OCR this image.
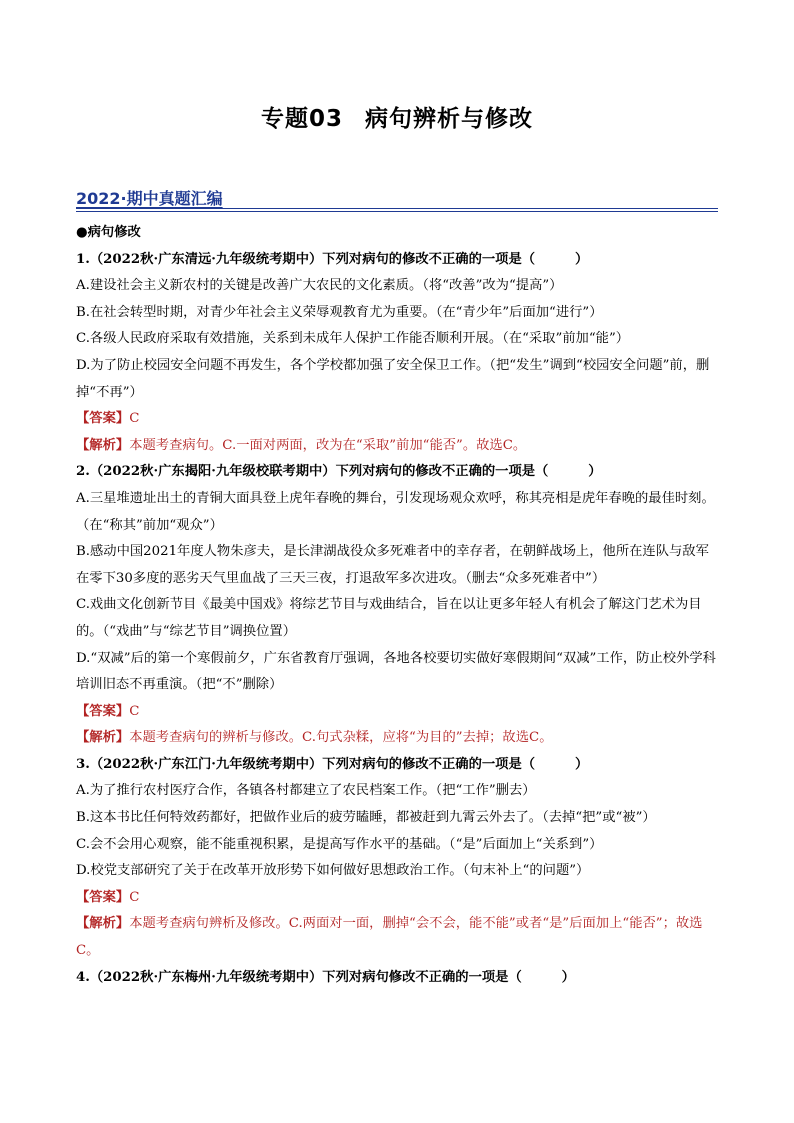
专题03 病句辨析与修改
2022·期中真题汇编

●病句修改

1.（2022秋·广东清远·九年级统考期中）下列对病句的修改不正确的一项是（　　　）

A.建设社会主义新农村的关键是改善广大农民的文化素质。（将“改善”改为“提高”）

B.在社会转型时期，对青少年社会主义荣辱观教育尤为重要。（在“青少年”后面加“进行”）

C.各级人民政府采取有效措施，关系到未成年人保护工作能否顺利开展。（在“采取”前加“能”）

D.为了防止校园安全问题不再发生，各个学校都加强了安全保卫工作。（把“发生”调到“校园安全问题”前，删掉“不再”）

【答案】C

【解析】本题考查病句。C.一面对两面，改为在“采取”前加“能否”。故选C。

2.（2022秋·广东揭阳·九年级校联考期中）下列对病句的修改不正确的一项是（　　　）

A.三星堆遗址出土的青铜大面具登上虎年春晚的舞台，引发现场观众欢呼，称其亮相是虎年春晚的最佳时刻。（在“称其”前加“观众”）

B.感动中国2021年度人物朱彦夫，是长津湖战役众多死难者中的幸存者，在朝鲜战场上，他所在连队与敌军在零下30多度的恶劣天气里血战了三天三夜，打退敌军多次进攻。（删去“众多死难者中”）

C.戏曲文化创新节目《最美中国戏》将综艺节目与戏曲结合，旨在以让更多年轻人有机会了解这门艺术为目的。（“戏曲”与“综艺节目”调换位置）

D.“双减”后的第一个寒假前夕，广东省教育厅强调，各地各校要切实做好寒假期间“双减”工作，防止校外学科培训旧态不再重演。（把“不”删除）

【答案】C

【解析】本题考查病句的辨析与修改。C.句式杂糅，应将“为目的”去掉；故选C。

3.（2022秋·广东江门·九年级统考期中）下列对病句的修改不正确的一项是（　　　）

A.为了推行农村医疗合作，各镇各村都建立了农民档案工作。（把“工作”删去）

B.这本书比任何特效药都好，把做作业后的疲劳瞌睡，都被赶到九霄云外去了。（去掉“把”或“被”）

C.会不会用心观察，能不能重视积累，是提高写作水平的基础。（“是”后面加上“关系到”）

D.校党支部研究了关于在改革开放形势下如何做好思想政治工作。（句末补上“的问题”）

【答案】C

【解析】本题考查病句辨析及修改。C.两面对一面，删掉“会不会，能不能”或者“是”后面加上“能否”；故选C。

4.（2022秋·广东梅州·九年级统考期中）下列对病句修改不正确的一项是（　　　）
